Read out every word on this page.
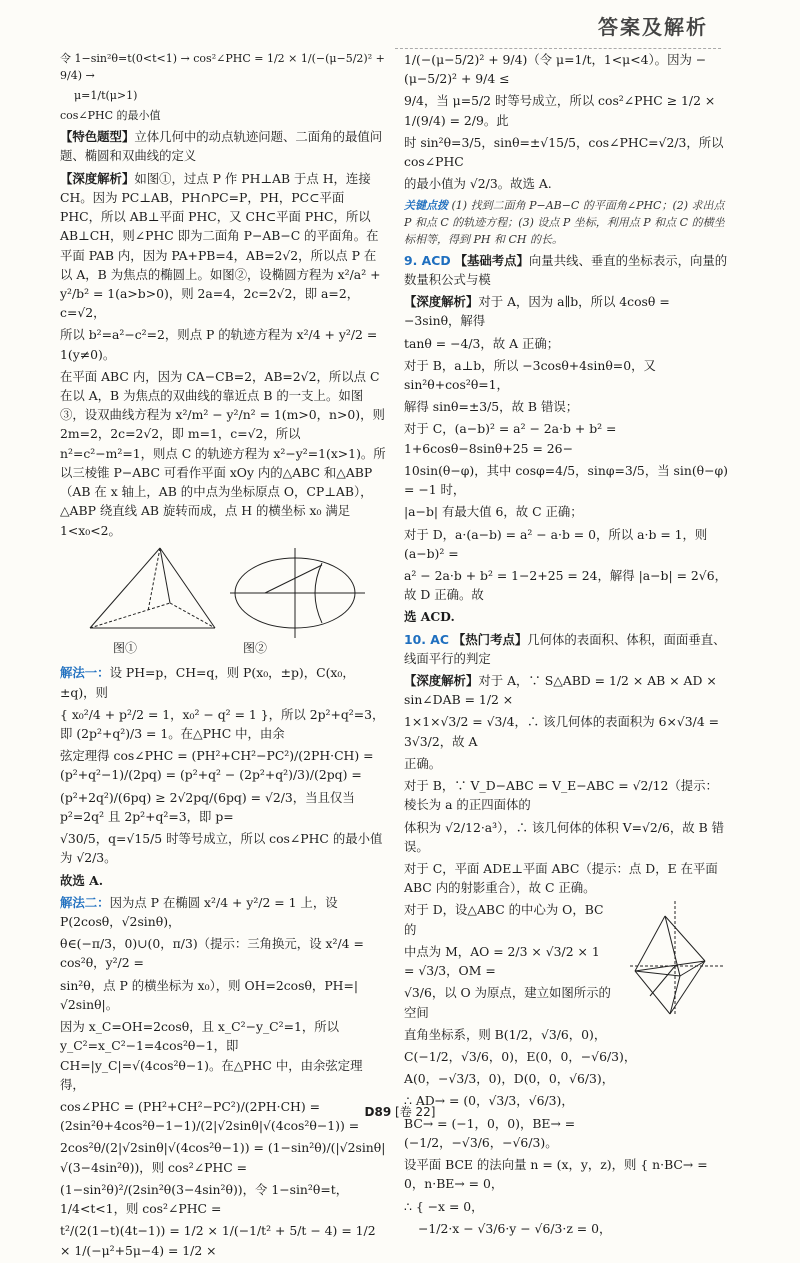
答案及解析

令 1−sin²θ=t(0<t<1) → cos²∠PHC = 1/2 × 1/(−(μ−5/2)² + 9/4) →

μ=1/t(μ>1)

cos∠PHC 的最小值

【特色题型】立体几何中的动点轨迹问题、二面角的最值问题、椭圆和双曲线的定义

【深度解析】如图①，过点 P 作 PH⊥AB 于点 H，连接 CH。因为 PC⊥AB，PH∩PC=P，PH，PC⊂平面 PHC，所以 AB⊥平面 PHC，又 CH⊂平面 PHC，所以 AB⊥CH，则∠PHC 即为二面角 P−AB−C 的平面角。在平面 PAB 内，因为 PA+PB=4，AB=2√2，所以点 P 在以 A，B 为焦点的椭圆上。如图②，设椭圆方程为 x²/a² + y²/b² = 1(a>b>0)，则 2a=4，2c=2√2，即 a=2，c=√2，

所以 b²=a²−c²=2，则点 P 的轨迹方程为 x²/4 + y²/2 = 1(y≠0)。

在平面 ABC 内，因为 CA−CB=2，AB=2√2，所以点 C 在以 A，B 为焦点的双曲线的靠近点 B 的一支上。如图③，设双曲线方程为 x²/m² − y²/n² = 1(m>0，n>0)，则 2m=2，2c=2√2，即 m=1，c=√2，所以 n²=c²−m²=1，则点 C 的轨迹方程为 x²−y²=1(x>1)。所以三棱锥 P−ABC 可看作平面 xOy 内的△ABC 和△ABP（AB 在 x 轴上，AB 的中点为坐标原点 O，CP⊥AB），△ABP 绕直线 AB 旋转而成，点 H 的横坐标 x₀ 满足 1<x₀<2。

图①	图②

解法一：设 PH=p，CH=q，则 P(x₀，±p)，C(x₀，±q)，则

{ x₀²/4 + p²/2 = 1，x₀² − q² = 1 }，所以 2p²+q²=3，即 (2p²+q²)/3 = 1。在△PHC 中，由余

弦定理得 cos∠PHC = (PH²+CH²−PC²)/(2PH·CH) = (p²+q²−1)/(2pq) = (p²+q² − (2p²+q²)/3)/(2pq) =

(p²+2q²)/(6pq) ≥ 2√2pq/(6pq) = √2/3，当且仅当 p²=2q² 且 2p²+q²=3，即 p=

√30/5，q=√15/5 时等号成立，所以 cos∠PHC 的最小值为 √2/3。

故选 A.

解法二：因为点 P 在椭圆 x²/4 + y²/2 = 1 上，设 P(2cosθ，√2sinθ)，

θ∈(−π/3，0)∪(0，π/3)（提示：三角换元，设 x²/4 = cos²θ，y²/2 =

sin²θ，点 P 的横坐标为 x₀），则 OH=2cosθ，PH=|√2sinθ|。

因为 x_C=OH=2cosθ，且 x_C²−y_C²=1，所以 y_C²=x_C²−1=4cos²θ−1，即 CH=|y_C|=√(4cos²θ−1)。在△PHC 中，由余弦定理得，

cos∠PHC = (PH²+CH²−PC²)/(2PH·CH) = (2sin²θ+4cos²θ−1−1)/(2|√2sinθ|√(4cos²θ−1)) =

2cos²θ/(2|√2sinθ|√(4cos²θ−1)) = (1−sin²θ)/(|√2sinθ|√(3−4sin²θ))，则 cos²∠PHC =

(1−sin²θ)²/(2sin²θ(3−4sin²θ))，令 1−sin²θ=t，1/4<t<1，则 cos²∠PHC =

t²/(2(1−t)(4t−1)) = 1/2 × 1/(−1/t² + 5/t − 4) = 1/2 × 1/(−μ²+5μ−4) = 1/2 ×

1/(−(μ−5/2)² + 9/4)（令 μ=1/t，1<μ<4）。因为 −(μ−5/2)² + 9/4 ≤

9/4，当 μ=5/2 时等号成立，所以 cos²∠PHC ≥ 1/2 × 1/(9/4) = 2/9。此

时 sin²θ=3/5，sinθ=±√15/5，cos∠PHC=√2/3，所以 cos∠PHC

的最小值为 √2/3。故选 A.

关键点拨 (1) 找到二面角 P−AB−C 的平面角∠PHC；(2) 求出点 P 和点 C 的轨迹方程；(3) 设点 P 坐标，利用点 P 和点 C 的横坐标相等，得到 PH 和 CH 的长。

9. ACD 【基础考点】向量共线、垂直的坐标表示，向量的数量积公式与模

【深度解析】对于 A，因为 a∥b，所以 4cosθ = −3sinθ，解得

tanθ = −4/3，故 A 正确；

对于 B，a⊥b，所以 −3cosθ+4sinθ=0，又 sin²θ+cos²θ=1，

解得 sinθ=±3/5，故 B 错误；

对于 C，(a−b)² = a² − 2a·b + b² = 1+6cosθ−8sinθ+25 = 26−

10sin(θ−φ)，其中 cosφ=4/5，sinφ=3/5，当 sin(θ−φ) = −1 时，

|a−b| 有最大值 6，故 C 正确；

对于 D，a·(a−b) = a² − a·b = 0，所以 a·b = 1，则 (a−b)² =

a² − 2a·b + b² = 1−2+25 = 24，解得 |a−b| = 2√6，故 D 正确。故

选 ACD.

10. AC 【热门考点】几何体的表面积、体积，面面垂直、线面平行的判定

【深度解析】对于 A，∵ S△ABD = 1/2 × AB × AD × sin∠DAB = 1/2 ×

1×1×√3/2 = √3/4，∴ 该几何体的表面积为 6×√3/4 = 3√3/2，故 A

正确。

对于 B，∵ V_D−ABC = V_E−ABC = √2/12（提示：棱长为 a 的正四面体的

体积为 √2/12·a³），∴ 该几何体的体积 V=√2/6，故 B 错误。

对于 C，平面 ADE⊥平面 ABC（提示：点 D，E 在平面 ABC 内的射影重合），故 C 正确。

对于 D，设△ABC 的中心为 O，BC 的

中点为 M，AO = 2/3 × √3/2 × 1 = √3/3，OM =

√3/6，以 O 为原点，建立如图所示的空间

直角坐标系，则 B(1/2，√3/6，0)，

C(−1/2，√3/6，0)，E(0，0，−√6/3)，

A(0，−√3/3，0)，D(0，0，√6/3)，

∴ AD→ = (0，√3/3，√6/3)，

BC→ = (−1，0，0)，BE→ = (−1/2，−√3/6，−√6/3)。

设平面 BCE 的法向量 n = (x，y，z)，则 { n·BC→ = 0，n·BE→ = 0，

∴ { −x = 0，

−1/2·x − √3/6·y − √6/3·z = 0，

D89 [卷 22]
